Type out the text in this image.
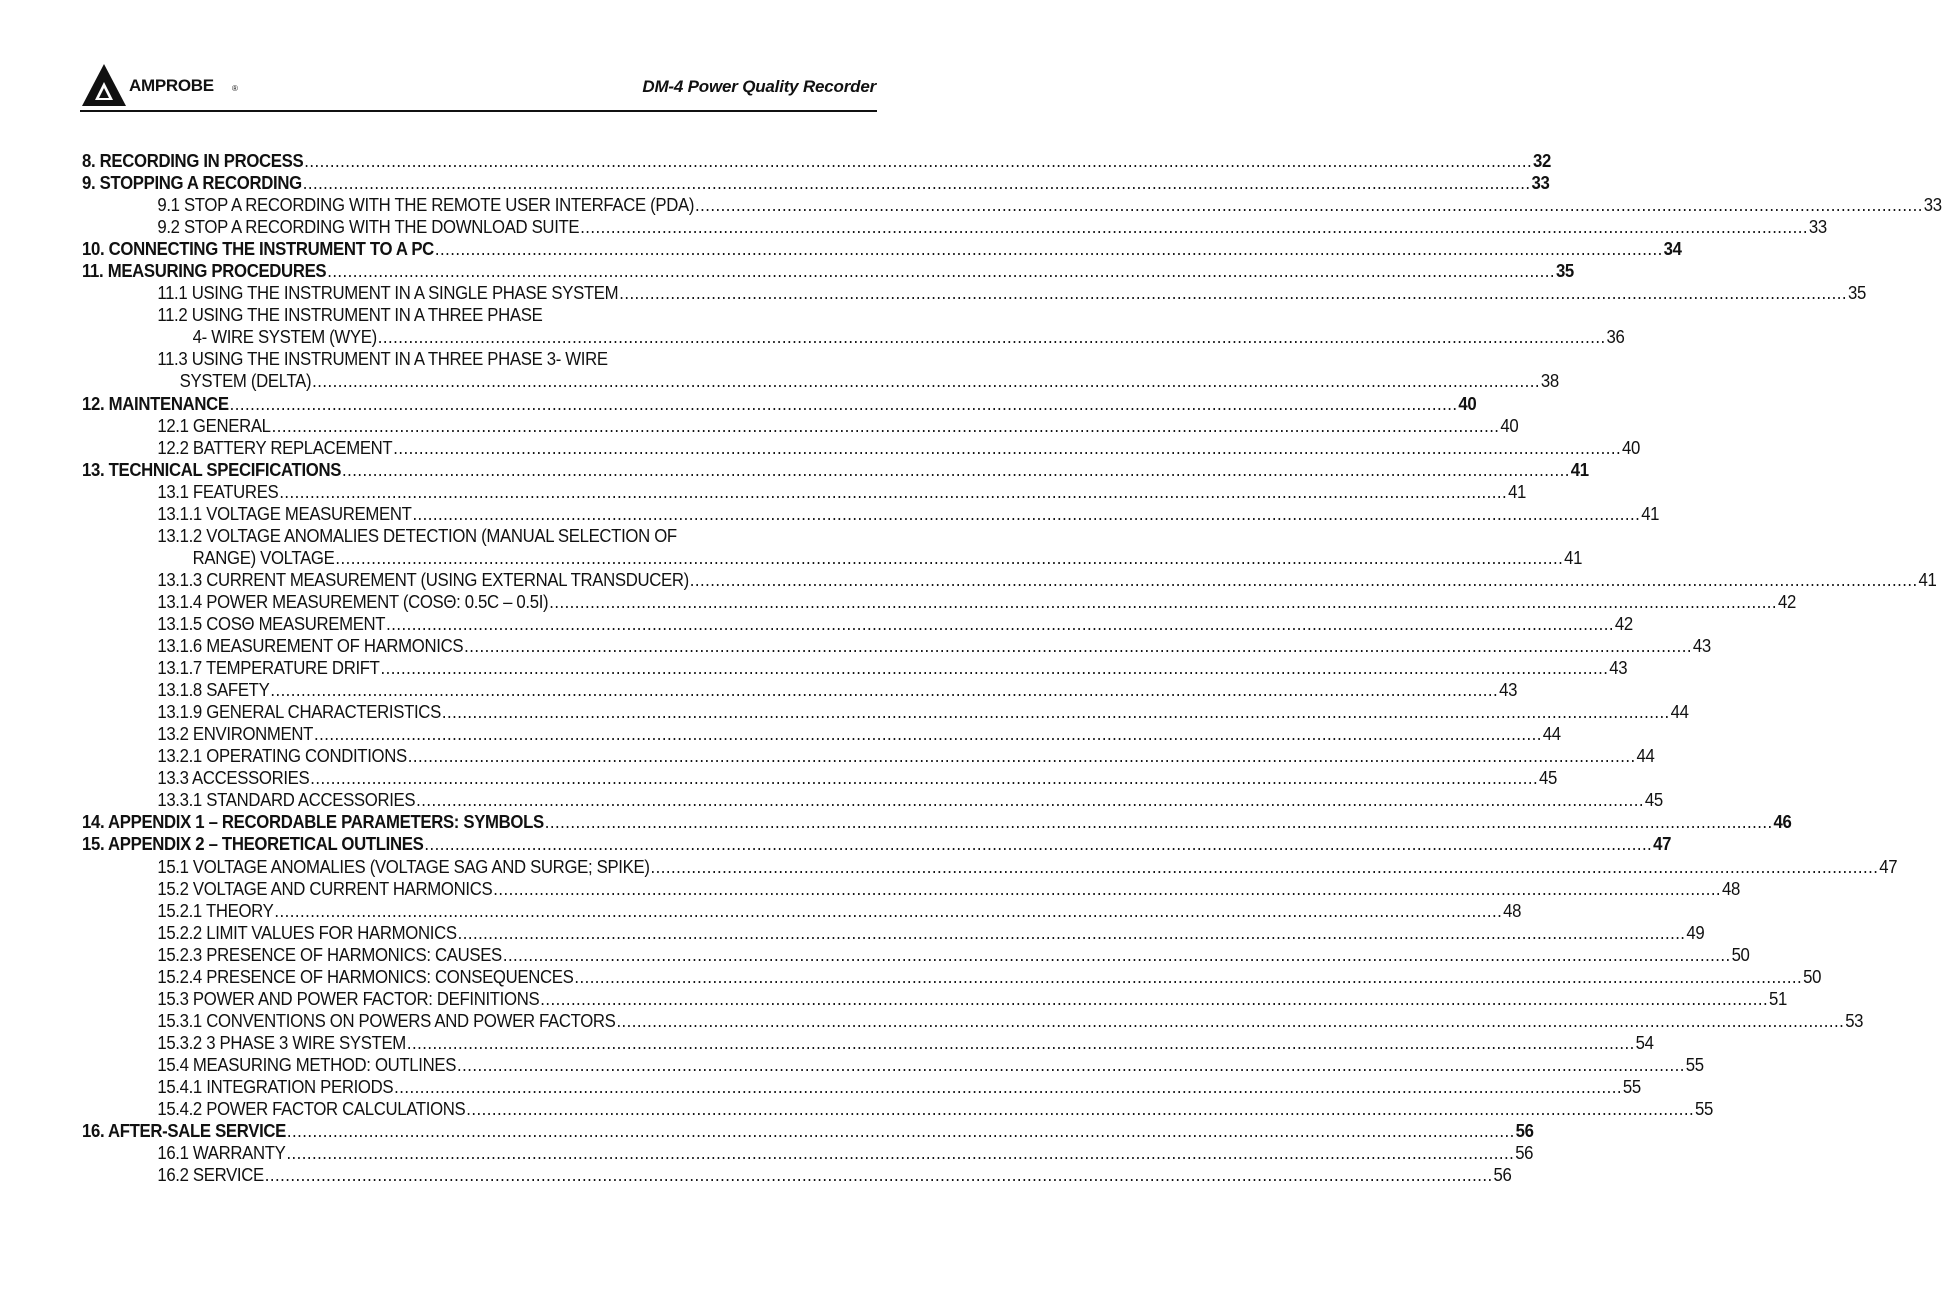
AMPROBE ®	DM-4 Power Quality Recorder
8. RECORDING IN PROCESS .....	32
9. STOPPING A RECORDING .....	33
9.1 STOP A RECORDING WITH THE REMOTE USER INTERFACE (PDA) .....	33
9.2 STOP A RECORDING WITH THE DOWNLOAD SUITE .....	33
10. CONNECTING THE INSTRUMENT TO A PC .....	34
11. MEASURING PROCEDURES .....	35
11.1 USING THE INSTRUMENT IN A SINGLE PHASE SYSTEM .....	35
11.2 USING THE INSTRUMENT IN A THREE PHASE
4- WIRE SYSTEM (WYE) .....	36
11.3 USING THE INSTRUMENT IN A THREE PHASE 3- WIRE
SYSTEM (DELTA) .....	38
12. MAINTENANCE .....	40
12.1 GENERAL .....	40
12.2 BATTERY REPLACEMENT .....	40
13. TECHNICAL SPECIFICATIONS .....	41
13.1 FEATURES .....	41
13.1.1 VOLTAGE MEASUREMENT .....	41
13.1.2 VOLTAGE ANOMALIES DETECTION (MANUAL SELECTION OF
RANGE) VOLTAGE .....	41
13.1.3 CURRENT MEASUREMENT (USING EXTERNAL TRANSDUCER) .....	41
13.1.4 POWER MEASUREMENT (COSΘ: 0.5C – 0.5I) .....	42
13.1.5 COSΘ MEASUREMENT .....	42
13.1.6 MEASUREMENT OF HARMONICS .....	43
13.1.7 TEMPERATURE DRIFT .....	43
13.1.8 SAFETY .....	43
13.1.9 GENERAL CHARACTERISTICS .....	44
13.2 ENVIRONMENT .....	44
13.2.1 OPERATING CONDITIONS .....	44
13.3 ACCESSORIES .....	45
13.3.1 STANDARD ACCESSORIES .....	45
14. APPENDIX 1 – RECORDABLE PARAMETERS: SYMBOLS .....	46
15. APPENDIX 2 – THEORETICAL OUTLINES .....	47
15.1 VOLTAGE ANOMALIES (VOLTAGE SAG AND SURGE; SPIKE) .....	47
15.2 VOLTAGE AND CURRENT HARMONICS .....	48
15.2.1 THEORY .....	48
15.2.2 LIMIT VALUES FOR HARMONICS .....	49
15.2.3 PRESENCE OF HARMONICS: CAUSES .....	50
15.2.4 PRESENCE OF HARMONICS: CONSEQUENCES .....	50
15.3 POWER AND POWER FACTOR: DEFINITIONS .....	51
15.3.1 CONVENTIONS ON POWERS AND POWER FACTORS .....	53
15.3.2 3 PHASE 3 WIRE SYSTEM .....	54
15.4 MEASURING METHOD: OUTLINES .....	55
15.4.1 INTEGRATION PERIODS .....	55
15.4.2 POWER FACTOR CALCULATIONS .....	55
16. AFTER-SALE SERVICE .....	56
16.1 WARRANTY .....	56
16.2 SERVICE .....	56
